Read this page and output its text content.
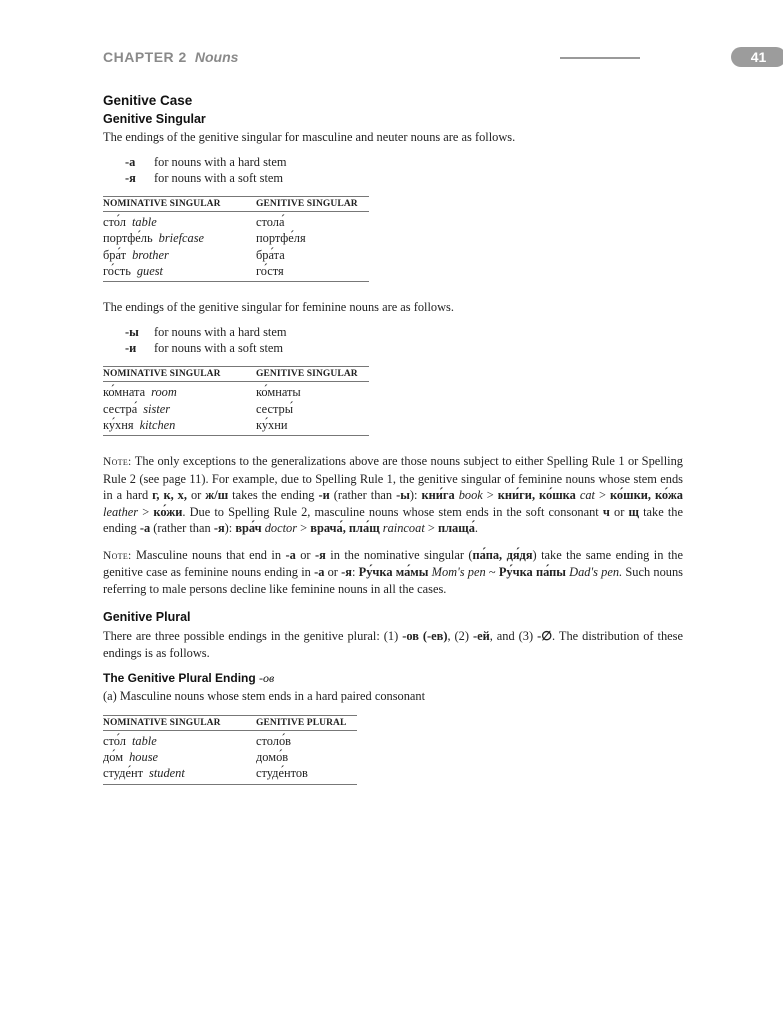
CHAPTER 2 Nouns	41
Genitive Case
Genitive Singular

The endings of the genitive singular for masculine and neuter nouns are as follows.

-а	for nouns with a hard stem
-я	for nouns with a soft stem
NOMINATIVE SINGULAR	GENITIVE SINGULAR
сто́л table	стола́
портфе́ль briefcase	портфе́ля
бра́т brother	бра́та
го́сть guest	го́стя

The endings of the genitive singular for feminine nouns are as follows.

-ы	for nouns with a hard stem
-и	for nouns with a soft stem
NOMINATIVE SINGULAR	GENITIVE SINGULAR
ко́мната room	ко́мнаты
сестра́ sister	сестры́
ку́хня kitchen	ку́хни

Note: The only exceptions to the generalizations above are those nouns subject to either Spelling Rule 1 or Spelling Rule 2 (see page 11). For example, due to Spelling Rule 1, the genitive singular of feminine nouns whose stem ends in a hard г, к, х, or ж/ш takes the ending -и (rather than -ы): кни́га book > кни́ги, ко́шка cat > ко́шки, ко́жа leather > ко́жи. Due to Spelling Rule 2, masculine nouns whose stem ends in the soft consonant ч or щ take the ending -а (rather than -я): вра́ч doctor > врача́, пла́щ raincoat > плаща́.

Note: Masculine nouns that end in -а or -я in the nominative singular (па́па, дя́дя) take the same ending in the genitive case as feminine nouns ending in -а or -я: Ру́чка ма́мы Mom's pen ~ Ру́чка па́пы Dad's pen. Such nouns referring to male persons decline like feminine nouns in all the cases.

Genitive Plural

There are three possible endings in the genitive plural: (1) -ов (-ев), (2) -ей, and (3) -∅. The distribution of these endings is as follows.

The Genitive Plural Ending -ов

(a) Masculine nouns whose stem ends in a hard paired consonant

NOMINATIVE SINGULAR	GENITIVE PLURAL
сто́л table	столо́в
до́м house	домо́в
студе́нт student	студе́нтов
